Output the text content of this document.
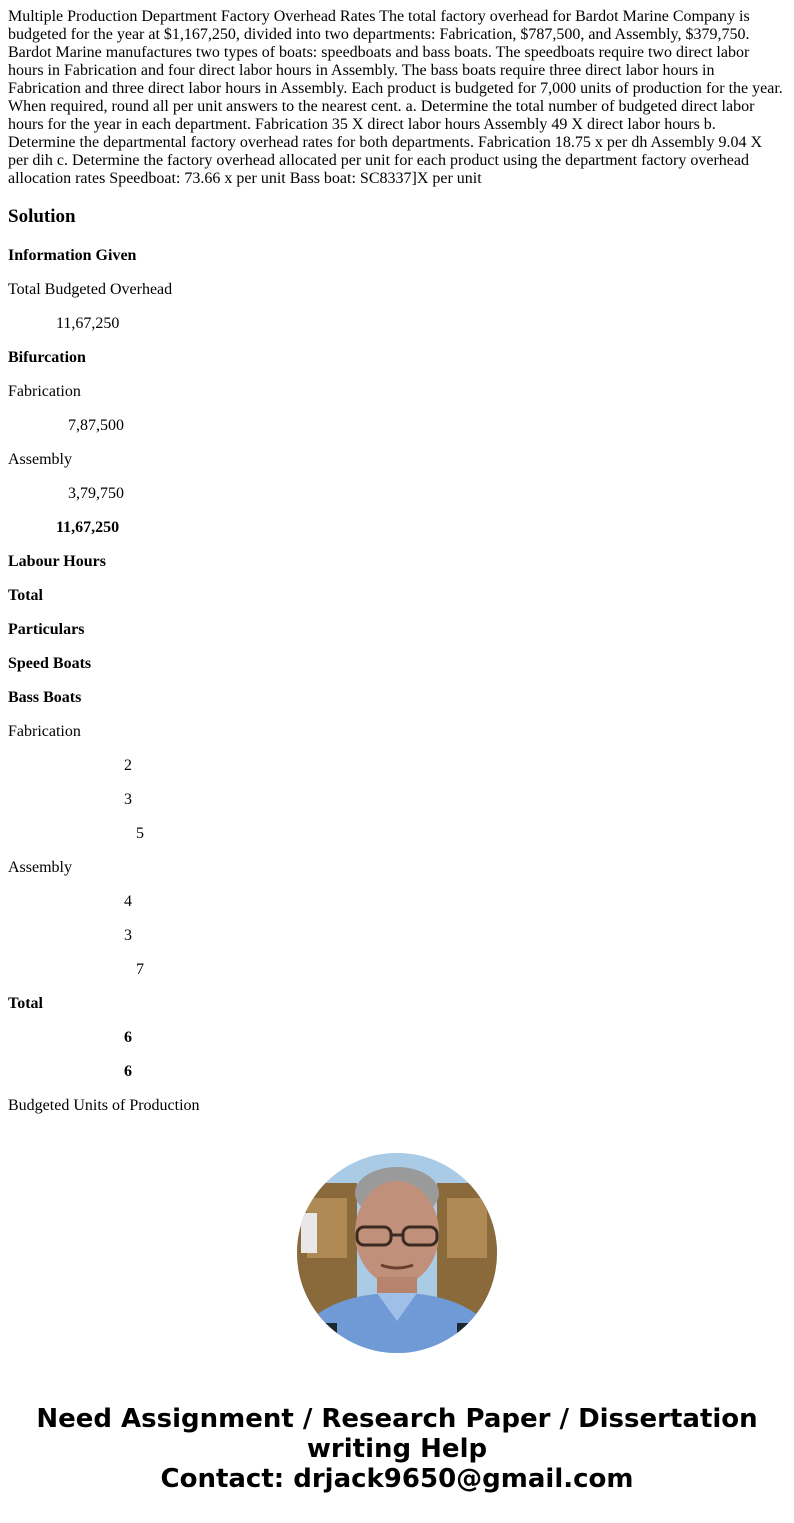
Multiple Production Department Factory Overhead Rates The total factory overhead for Bardot Marine Company is budgeted for the year at $1,167,250, divided into two departments: Fabrication, $787,500, and Assembly, $379,750. Bardot Marine manufactures two types of boats: speedboats and bass boats. The speedboats require two direct labor hours in Fabrication and four direct labor hours in Assembly. The bass boats require three direct labor hours in Fabrication and three direct labor hours in Assembly. Each product is budgeted for 7,000 units of production for the year. When required, round all per unit answers to the nearest cent. a. Determine the total number of budgeted direct labor hours for the year in each department. Fabrication 35 X direct labor hours Assembly 49 X direct labor hours b. Determine the departmental factory overhead rates for both departments. Fabrication 18.75 x per dh Assembly 9.04 X per dih c. Determine the factory overhead allocated per unit for each product using the department factory overhead allocation rates Speedboat: 73.66 x per unit Bass boat: SC8337]X per unit

Solution
Information Given
Total Budgeted Overhead
11,67,250
Bifurcation
Fabrication
7,87,500
Assembly
3,79,750
11,67,250
Labour Hours
Total
Particulars
Speed Boats
Bass Boats
Fabrication
2
3
5
Assembly
4
3
7
Total
6
6
Budgeted Units of Production
Need Assignment / Research Paper / Dissertation
writing Help
Contact: drjack9650@gmail.com
